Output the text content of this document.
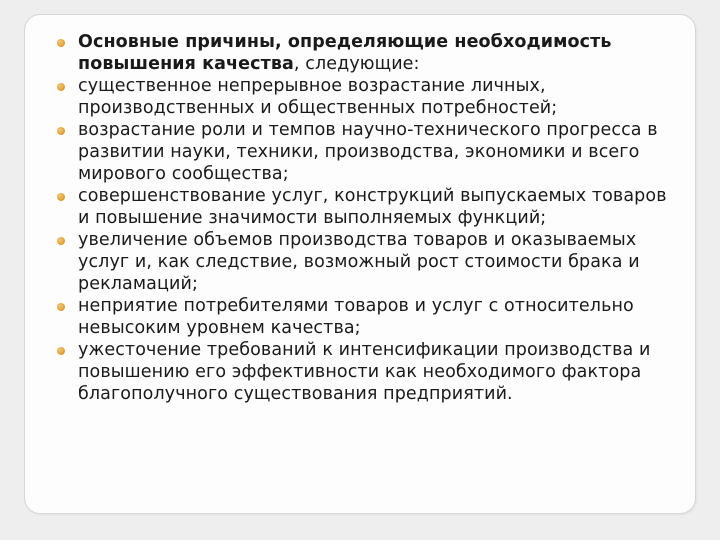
Основные причины, определяющие необходимость повышения качества, следующие:
существенное непрерывное возрастание личных, производственных и общественных потребностей;
возрастание роли и темпов научно-технического прогресса в развитии науки, техники, производства, экономики и всего мирового сообщества;
совершенствование услуг, конструкций выпускаемых товаров и повышение значимости выполняемых функций;
увеличение объемов производства товаров и оказываемых услуг и, как следствие, возможный рост стоимости брака и рекламаций;
неприятие потребителями товаров и услуг с относительно невысоким уровнем качества;
ужесточение требований к интенсификации производства и повышению его эффективности как необходимого фактора благополучного существования предприятий.
